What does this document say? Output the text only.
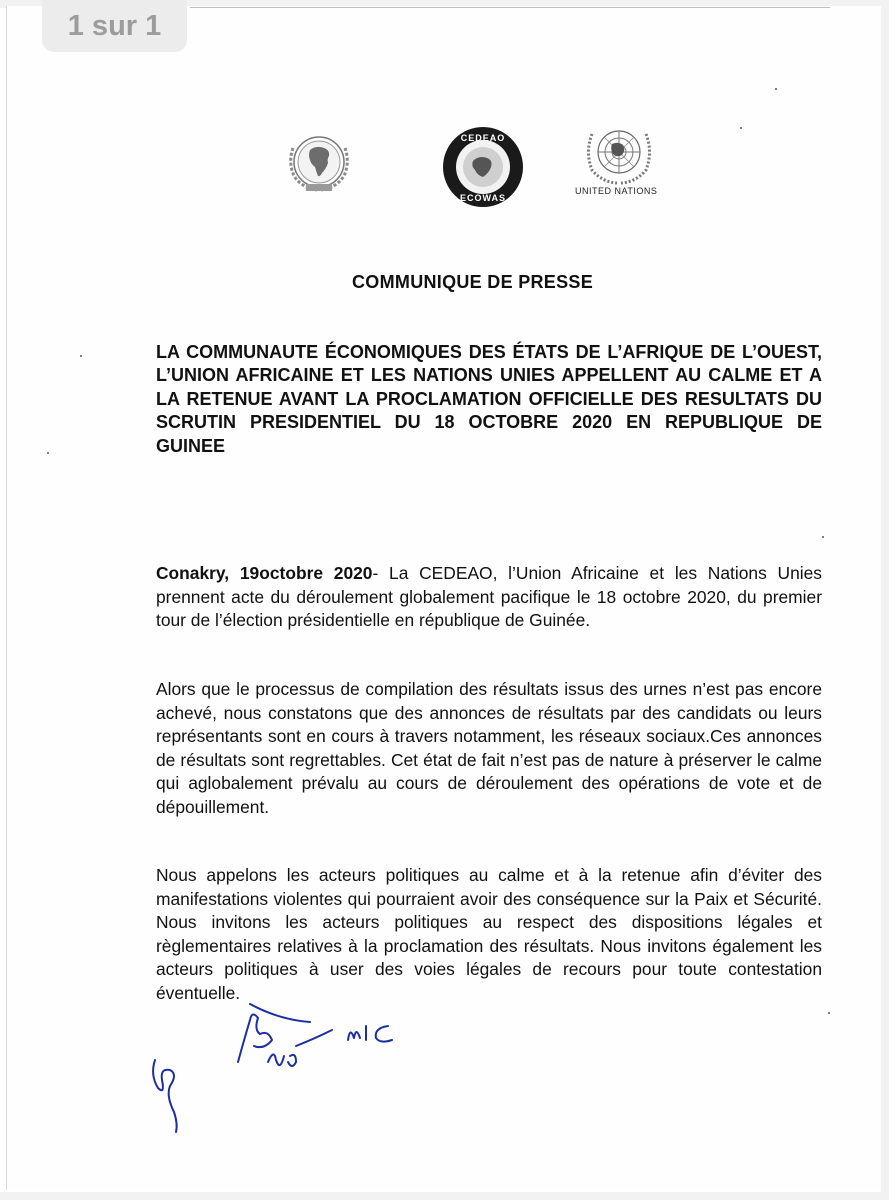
1 sur 1
CEDEAO
ECOWAS
UNITED NATIONS
COMMUNIQUE DE PRESSE
LA COMMUNAUTE ÉCONOMIQUES DES ÉTATS DE L’AFRIQUE DE L’OUEST, L’UNION AFRICAINE ET LES NATIONS UNIES APPELLENT AU CALME ET A LA RETENUE AVANT LA PROCLAMATION OFFICIELLE DES RESULTATS DU SCRUTIN PRESIDENTIEL DU 18 OCTOBRE 2020 EN REPUBLIQUE DE GUINEE
Conakry, 19octobre 2020- La CEDEAO, l’Union Africaine et les Nations Unies prennent acte du déroulement globalement pacifique le 18 octobre 2020, du premier tour de l’élection présidentielle en république de Guinée.
Alors que le processus de compilation des résultats issus des urnes n’est pas encore achevé, nous constatons que des annonces de résultats par des candidats ou leurs représentants sont en cours à travers notamment, les réseaux sociaux.Ces annonces de résultats sont regrettables. Cet état de fait n’est pas de nature à préserver le calme qui aglobalement prévalu au cours de déroulement des opérations de vote et de dépouillement.
Nous appelons les acteurs politiques au calme et à la retenue afin d’éviter des manifestations violentes qui pourraient avoir des conséquence sur la Paix et Sécurité. Nous invitons les acteurs politiques au respect des dispositions légales et règlementaires relatives à la proclamation des résultats. Nous invitons également les acteurs politiques à user des voies légales de recours pour toute contestation éventuelle.
